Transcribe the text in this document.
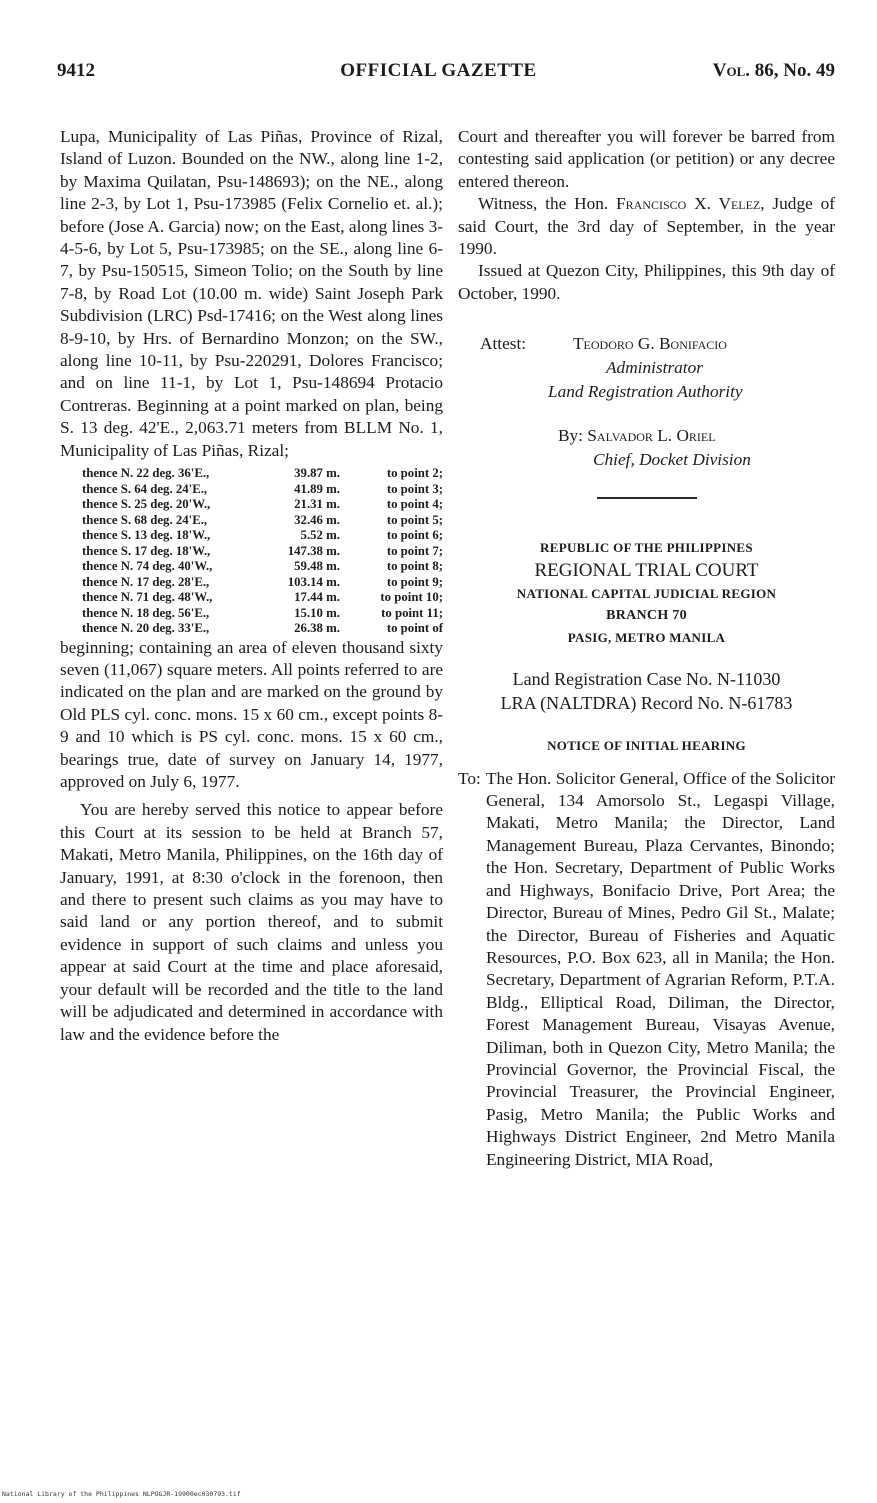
9412	OFFICIAL GAZETTE	Vol. 86, No. 49

Lupa, Municipality of Las Piñas, Province of Rizal, Island of Luzon. Bounded on the NW., along line 1-2, by Maxima Quilatan, Psu-148693); on the NE., along line 2-3, by Lot 1, Psu-173985 (Felix Cornelio et. al.); before (Jose A. Garcia) now; on the East, along lines 3-4-5-6, by Lot 5, Psu-173985; on the SE., along line 6-7, by Psu-150515, Simeon Tolio; on the South by line 7-8, by Road Lot (10.00 m. wide) Saint Joseph Park Subdivision (LRC) Psd-17416; on the West along lines 8-9-10, by Hrs. of Bernardino Monzon; on the SW., along line 10-11, by Psu-220291, Dolores Francisco; and on line 11-1, by Lot 1, Psu-148694 Protacio Contreras. Beginning at a point marked on plan, being S. 13 deg. 42'E., 2,063.71 meters from BLLM No. 1, Municipality of Las Piñas, Rizal;

thence N. 22 deg. 36'E.,	39.87 m.	to point 2;
thence S. 64 deg. 24'E.,	41.89 m.	to point 3;
thence S. 25 deg. 20'W.,	21.31 m.	to point 4;
thence S. 68 deg. 24'E.,	32.46 m.	to point 5;
thence S. 13 deg. 18'W.,	5.52 m.	to point 6;
thence S. 17 deg. 18'W.,	147.38 m.	to point 7;
thence N. 74 deg. 40'W.,	59.48 m.	to point 8;
thence N. 17 deg. 28'E.,	103.14 m.	to point 9;
thence N. 71 deg. 48'W.,	17.44 m.	to point 10;
thence N. 18 deg. 56'E.,	15.10 m.	to point 11;
thence N. 20 deg. 33'E.,	26.38 m.	to point of

beginning; containing an area of eleven thousand sixty seven (11,067) square meters. All points referred to are indicated on the plan and are marked on the ground by Old PLS cyl. conc. mons. 15 x 60 cm., except points 8-9 and 10 which is PS cyl. conc. mons. 15 x 60 cm., bearings true, date of survey on January 14, 1977, approved on July 6, 1977.

You are hereby served this notice to appear before this Court at its session to be held at Branch 57, Makati, Metro Manila, Philippines, on the 16th day of January, 1991, at 8:30 o'clock in the forenoon, then and there to present such claims as you may have to said land or any portion thereof, and to submit evidence in support of such claims and unless you appear at said Court at the time and place aforesaid, your default will be recorded and the title to the land will be adjudicated and determined in accordance with law and the evidence before the

Court and thereafter you will forever be barred from contesting said application (or petition) or any decree entered thereon.

Witness, the Hon. Francisco X. Velez, Judge of said Court, the 3rd day of September, in the year 1990.

Issued at Quezon City, Philippines, this 9th day of October, 1990.

Attest:	Teodoro G. Bonifacio
Administrator
Land Registration Authority
By: Salvador L. Oriel
Chief, Docket Division
REPUBLIC OF THE PHILIPPINES
REGIONAL TRIAL COURT
NATIONAL CAPITAL JUDICIAL REGION
BRANCH 70
PASIG, METRO MANILA
Land Registration Case No. N-11030
LRA (NALTDRA) Record No. N-61783
NOTICE OF INITIAL HEARING
To: The Hon. Solicitor General, Office of the Solicitor General, 134 Amorsolo St., Legaspi Village, Makati, Metro Manila; the Director, Land Management Bureau, Plaza Cervantes, Binondo; the Hon. Secretary, Department of Public Works and Highways, Bonifacio Drive, Port Area; the Director, Bureau of Mines, Pedro Gil St., Malate; the Director, Bureau of Fisheries and Aquatic Resources, P.O. Box 623, all in Manila; the Hon. Secretary, Department of Agrarian Reform, P.T.A. Bldg., Elliptical Road, Diliman, the Director, Forest Management Bureau, Visayas Avenue, Diliman, both in Quezon City, Metro Manila; the Provincial Governor, the Provincial Fiscal, the Provincial Treasurer, the Provincial Engineer, Pasig, Metro Manila; the Public Works and Highways District Engineer, 2nd Metro Manila Engineering District, MIA Road,
National Library of the Philippines NLPOGJR-19900ec030793.tif
